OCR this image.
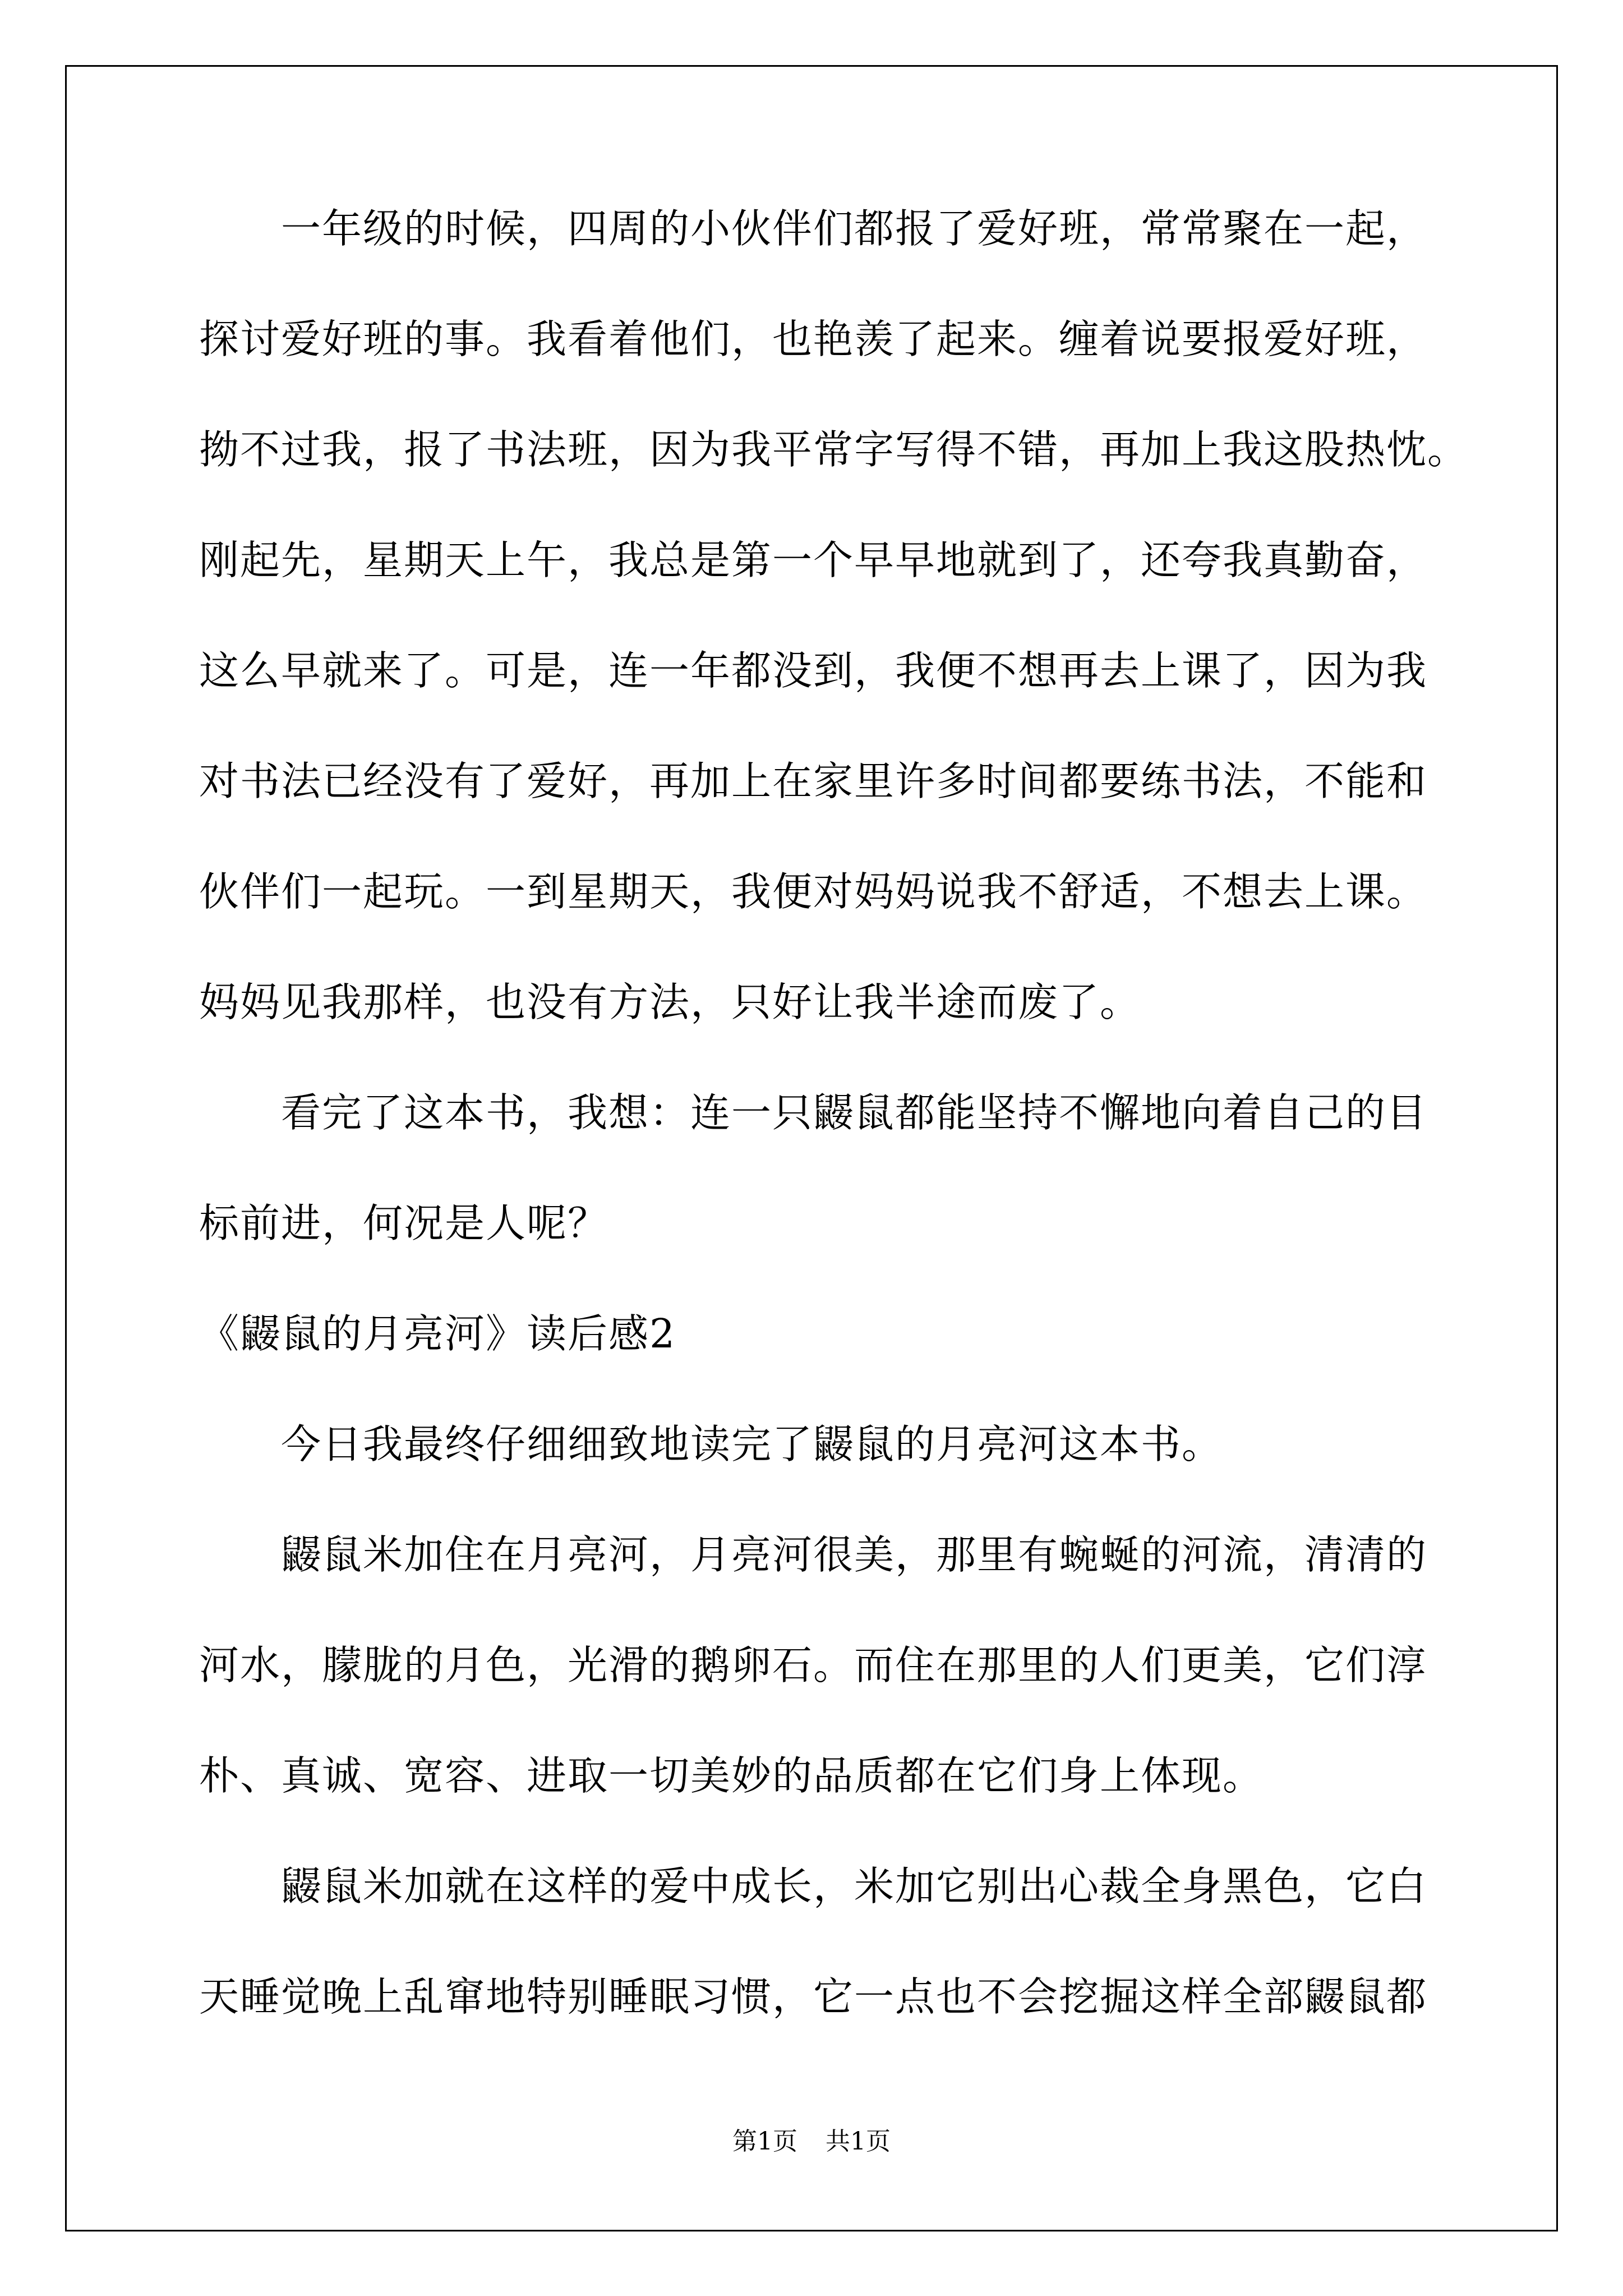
　　一年级的时候，四周的小伙伴们都报了爱好班，常常聚在一起，
探讨爱好班的事。我看着他们，也艳羡了起来。缠着说要报爱好班，
拗不过我，报了书法班，因为我平常字写得不错，再加上我这股热忱。
刚起先，星期天上午，我总是第一个早早地就到了，还夸我真勤奋，
这么早就来了。可是，连一年都没到，我便不想再去上课了，因为我
对书法已经没有了爱好，再加上在家里许多时间都要练书法，不能和
伙伴们一起玩。一到星期天，我便对妈妈说我不舒适，不想去上课。
妈妈见我那样，也没有方法，只好让我半途而废了。
　　看完了这本书，我想：连一只鼹鼠都能坚持不懈地向着自己的目
标前进，何况是人呢？
《鼹鼠的月亮河》读后感2
　　今日我最终仔细细致地读完了鼹鼠的月亮河这本书。
　　鼹鼠米加住在月亮河，月亮河很美，那里有蜿蜒的河流，清清的
河水，朦胧的月色，光滑的鹅卵石。而住在那里的人们更美，它们淳
朴、真诚、宽容、进取一切美妙的品质都在它们身上体现。
　　鼹鼠米加就在这样的爱中成长，米加它别出心裁全身黑色，它白
天睡觉晚上乱窜地特别睡眠习惯，它一点也不会挖掘这样全部鼹鼠都
第1页 共1页
